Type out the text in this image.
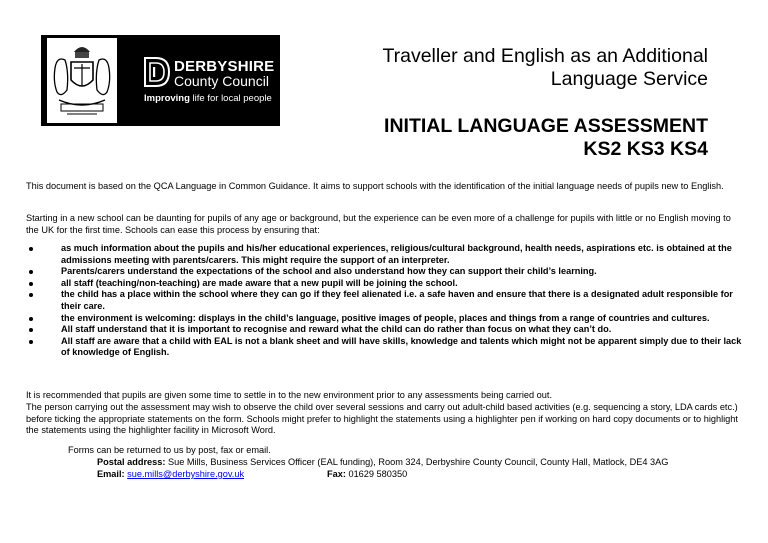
DERBYSHIRE
County Council
Improving life for local people
Traveller and English as an Additional
Language Service
INITIAL LANGUAGE ASSESSMENT
KS2 KS3 KS4
This document is based on the QCA Language in Common Guidance. It aims to support schools with the identification of the initial language needs of pupils new to English.
Starting in a new school can be daunting for pupils of any age or background, but the experience can be even more of a challenge for pupils with little or no English moving to the UK for the first time. Schools can ease this process by ensuring that:
as much information about the pupils and his/her educational experiences, religious/cultural background, health needs, aspirations etc. is obtained at the admissions meeting with parents/carers. This might require the support of an interpreter.
Parents/carers understand the expectations of the school and also understand how they can support their child’s learning.
all staff (teaching/non-teaching) are made aware that a new pupil will be joining the school.
the child has a place within the school where they can go if they feel alienated i.e. a safe haven and ensure that there is a designated adult responsible for their care.
the environment is welcoming: displays in the child’s language, positive images of people, places and things from a range of countries and cultures.
All staff understand that it is important to recognise and reward what the child can do rather than focus on what they can’t do.
All staff are aware that a child with EAL is not a blank sheet and will have skills, knowledge and talents which might not be apparent simply due to their lack of knowledge of English.
It is recommended that pupils are given some time to settle in to the new environment prior to any assessments being carried out.
The person carrying out the assessment may wish to observe the child over several sessions and carry out adult-child based activities (e.g. sequencing a story, LDA cards etc.) before ticking the appropriate statements on the form. Schools might prefer to highlight the statements using a highlighter pen if working on hard copy documents or to highlight the statements using the highlighter facility in Microsoft Word.
Forms can be returned to us by post, fax or email.
Postal address: Sue Mills, Business Services Officer (EAL funding), Room 324, Derbyshire County Council, County Hall, Matlock, DE4 3AG
Email: sue.mills@derbyshire.gov.uk	Fax: 01629 580350
